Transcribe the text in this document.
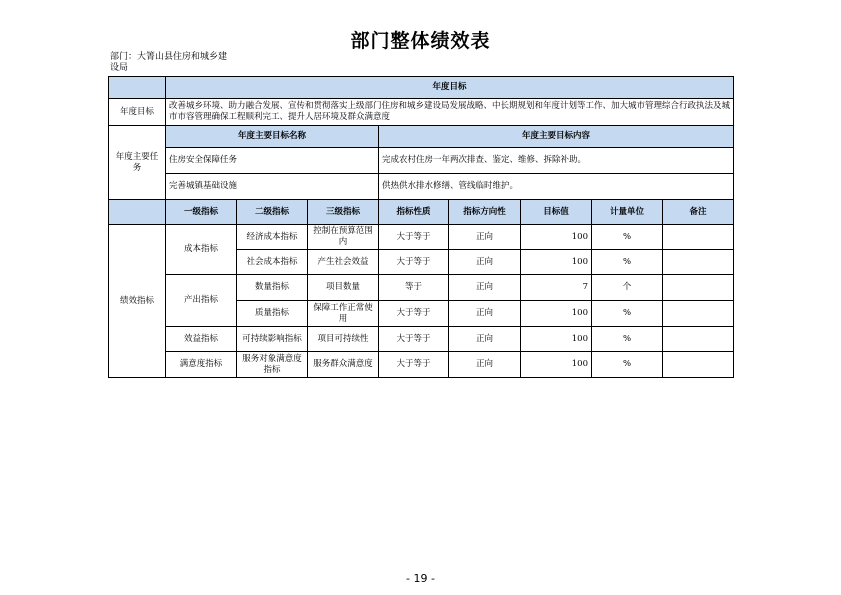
部门整体绩效表
部门：大箐山县住房和城乡建设局
	年度目标							
年度目标	改善城乡环境、助力融合发展、宣传和贯彻落实上级部门住房和城乡建设局发展战略、中长期规划和年度计划等工作、加大城市管理综合行政执法及城市市容管理确保工程顺利完工、提升人居环境及群众满意度							
年度主要任务	年度主要目标名称			年度主要目标内容				
	住房安全保障任务			完成农村住房一年两次排查、鉴定、维修、拆除补助。				
	完善城镇基础设施			供热供水排水修缮、管线临时维护。				
	一级指标	二级指标	三级指标	指标性质	指标方向性	目标值	计量单位	备注
绩效指标	成本指标	经济成本指标	控制在预算范围内	大于等于	正向	100	%	
		社会成本指标	产生社会效益	大于等于	正向	100	%	
	产出指标	数量指标	项目数量	等于	正向	7	个	
		质量指标	保障工作正常使用	大于等于	正向	100	%	
	效益指标	可持续影响指标	项目可持续性	大于等于	正向	100	%	
	满意度指标	服务对象满意度指标	服务群众满意度	大于等于	正向	100	%	
- 19 -
